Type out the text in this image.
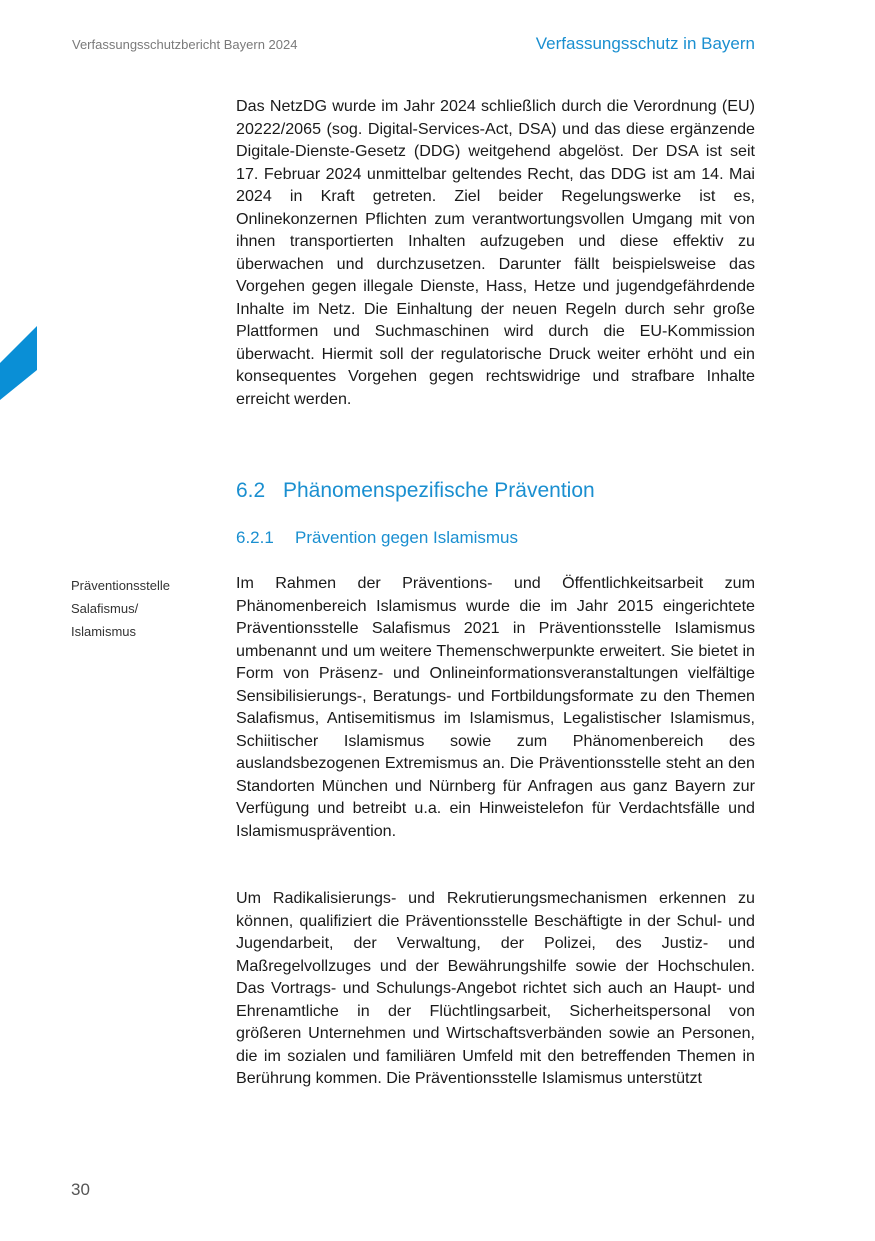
Verfassungsschutzbericht Bayern 2024	Verfassungsschutz in Bayern
Das NetzDG wurde im Jahr 2024 schließlich durch die Verordnung (EU) 20222/2065 (sog. Digital-Services-Act, DSA) und das diese ergänzende Digitale-Dienste-Gesetz (DDG) weitgehend abgelöst. Der DSA ist seit 17. Februar 2024 unmittelbar geltendes Recht, das DDG ist am 14. Mai 2024 in Kraft getreten. Ziel beider Regelungswerke ist es, Onlinekonzernen Pflichten zum verantwortungsvollen Umgang mit von ihnen transportierten Inhalten aufzugeben und diese effektiv zu überwachen und durchzusetzen. Darunter fällt beispielsweise das Vorgehen gegen illegale Dienste, Hass, Hetze und jugendgefährdende Inhalte im Netz. Die Einhaltung der neuen Regeln durch sehr große Plattformen und Suchmaschinen wird durch die EU-Kommission überwacht. Hiermit soll der regulatorische Druck weiter erhöht und ein konsequentes Vorgehen gegen rechtswidrige und strafbare Inhalte erreicht werden.
6.2 Phänomenspezifische Prävention
6.2.1 Prävention gegen Islamismus
Präventionsstelle
Salafismus/
Islamismus
Im Rahmen der Präventions- und Öffentlichkeitsarbeit zum Phänomenbereich Islamismus wurde die im Jahr 2015 eingerichtete Präventionsstelle Salafismus 2021 in Präventionsstelle Islamismus umbenannt und um weitere Themenschwerpunkte erweitert. Sie bietet in Form von Präsenz- und Onlineinformationsveranstaltungen vielfältige Sensibilisierungs-, Beratungs- und Fortbildungsformate zu den Themen Salafismus, Antisemitismus im Islamismus, Legalistischer Islamismus, Schiitischer Islamismus sowie zum Phänomenbereich des auslandsbezogenen Extremismus an. Die Präventionsstelle steht an den Standorten München und Nürnberg für Anfragen aus ganz Bayern zur Verfügung und betreibt u.a. ein Hinweistelefon für Verdachtsfälle und Islamismusprävention.
Um Radikalisierungs- und Rekrutierungsmechanismen erkennen zu können, qualifiziert die Präventionsstelle Beschäftigte in der Schul- und Jugendarbeit, der Verwaltung, der Polizei, des Justiz- und Maßregelvollzuges und der Bewährungshilfe sowie der Hochschulen. Das Vortrags- und Schulungs-Angebot richtet sich auch an Haupt- und Ehrenamtliche in der Flüchtlingsarbeit, Sicherheitspersonal von größeren Unternehmen und Wirtschaftsverbänden sowie an Personen, die im sozialen und familiären Umfeld mit den betreffenden Themen in Berührung kommen. Die Präventionsstelle Islamismus unterstützt
30
